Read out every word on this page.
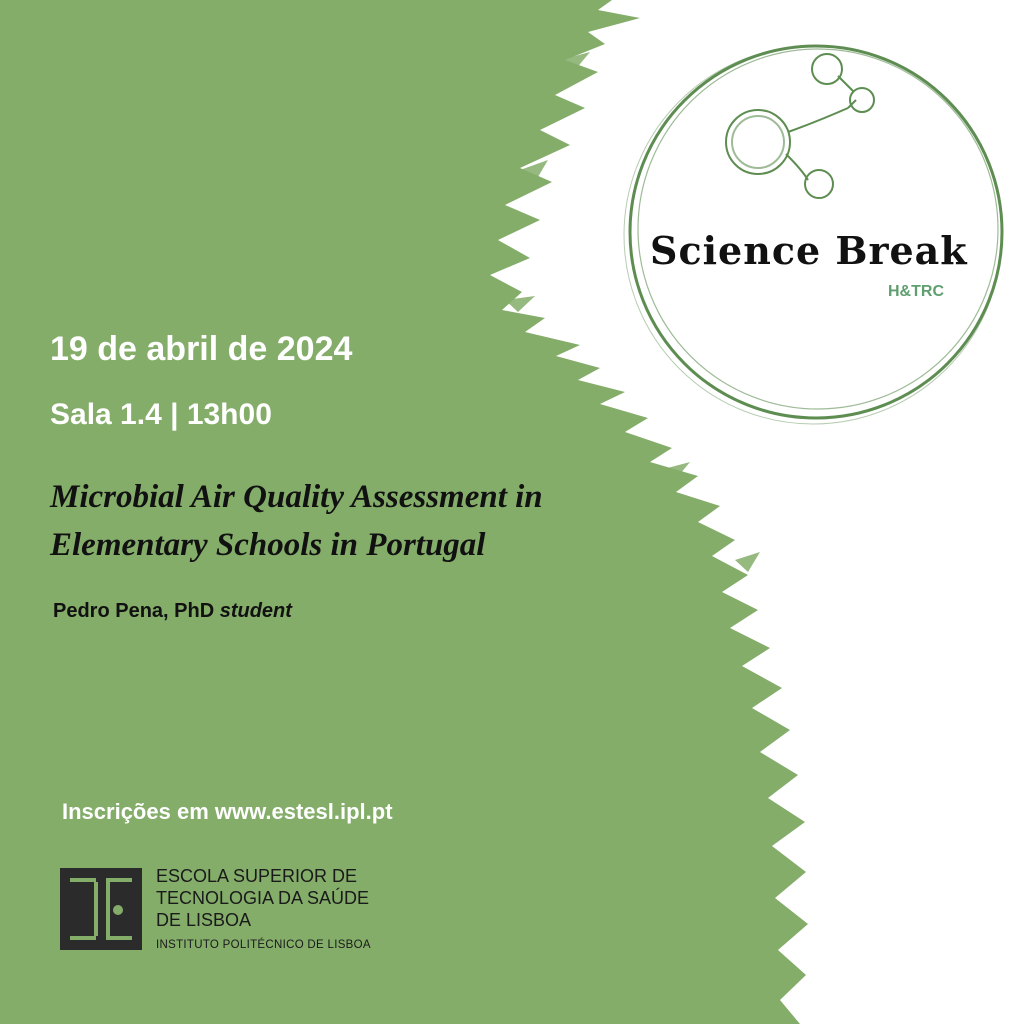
Science Break
H&TRC
19 de abril de 2024
Sala 1.4 | 13h00
Microbial Air Quality Assessment in
Elementary Schools in Portugal
Pedro Pena, PhD student
Inscrições em www.estesl.ipl.pt
ESCOLA SUPERIOR DE
TECNOLOGIA DA SAÚDE
DE LISBOA
INSTITUTO POLITÉCNICO DE LISBOA
